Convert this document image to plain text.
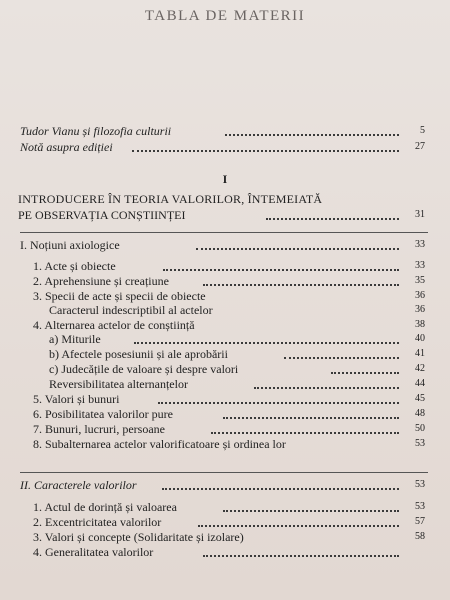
TABLA DE MATERII
Tudor Vianu și filozofia culturii	5
Notă asupra ediției	27
I
INTRODUCERE ÎN TEORIA VALORILOR, ÎNTEMEIATĂ
PE OBSERVAȚIA CONȘTIINȚEI	31
I. Noțiuni axiologice	33
1. Acte și obiecte	33
2. Aprehensiune și creațiune	35
3. Specii de acte și specii de obiecte	36
Caracterul indescriptibil al actelor	36
4. Alternarea actelor de conștiință	38
a) Miturile	40
b) Afectele posesiunii și ale aprobării	41
c) Judecățile de valoare și despre valori	42
Reversibilitatea alternanțelor	44
5. Valori și bunuri	45
6. Posibilitatea valorilor pure	48
7. Bunuri, lucruri, persoane	50
8. Subalternarea actelor valorificatoare și ordinea lor	53
II. Caracterele valorilor	53
1. Actul de dorință și valoarea	53
2. Excentricitatea valorilor	57
3. Valori și concepte (Solidaritate și izolare)	58
4. Generalitatea valorilor
